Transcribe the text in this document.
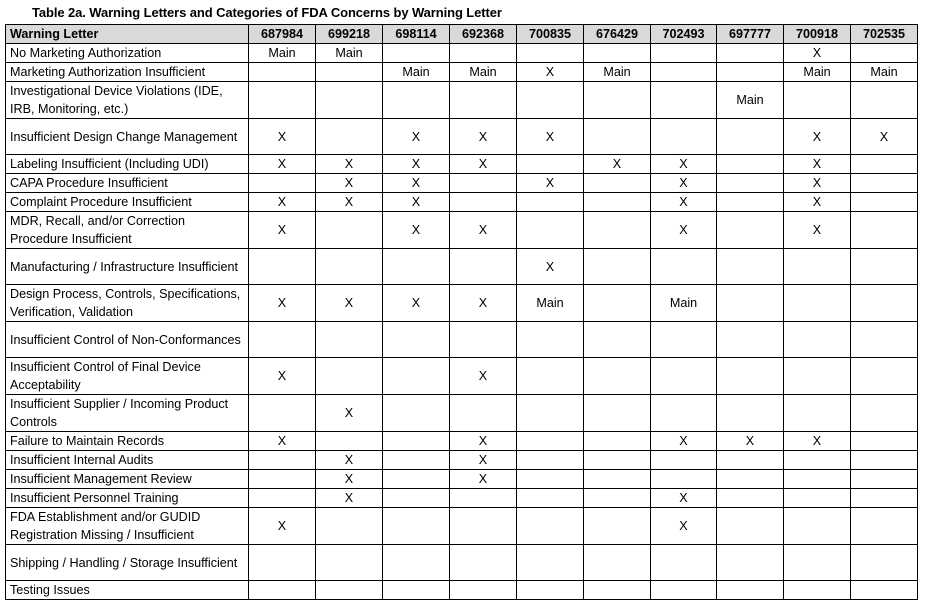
Table 2a. Warning Letters and Categories of FDA Concerns by Warning Letter
Warning Letter	687984	699218	698114	692368	700835	676429	702493	697777	700918	702535
No Marketing Authorization	Main	Main							X	
Marketing Authorization Insufficient			Main	Main	X	Main			Main	Main
Investigational Device Violations (IDE, IRB, Monitoring, etc.)								Main		
Insufficient Design Change Management	X		X	X	X				X	X
Labeling Insufficient (Including UDI)	X	X	X	X		X	X		X	
CAPA Procedure Insufficient		X	X		X		X		X	
Complaint Procedure Insufficient	X	X	X				X		X	
MDR, Recall, and/or Correction Procedure Insufficient	X		X	X			X		X	
Manufacturing / Infrastructure Insufficient					X					
Design Process, Controls, Specifications, Verification, Validation	X	X	X	X	Main		Main			
Insufficient Control of Non-Conformances										
Insufficient Control of Final Device Acceptability	X			X						
Insufficient Supplier / Incoming Product Controls		X								
Failure to Maintain Records	X			X			X	X	X	
Insufficient Internal Audits		X		X						
Insufficient Management Review		X		X						
Insufficient Personnel Training		X					X			
FDA Establishment and/or GUDID Registration Missing / Insufficient	X						X			
Shipping / Handling / Storage Insufficient										
Testing Issues										
